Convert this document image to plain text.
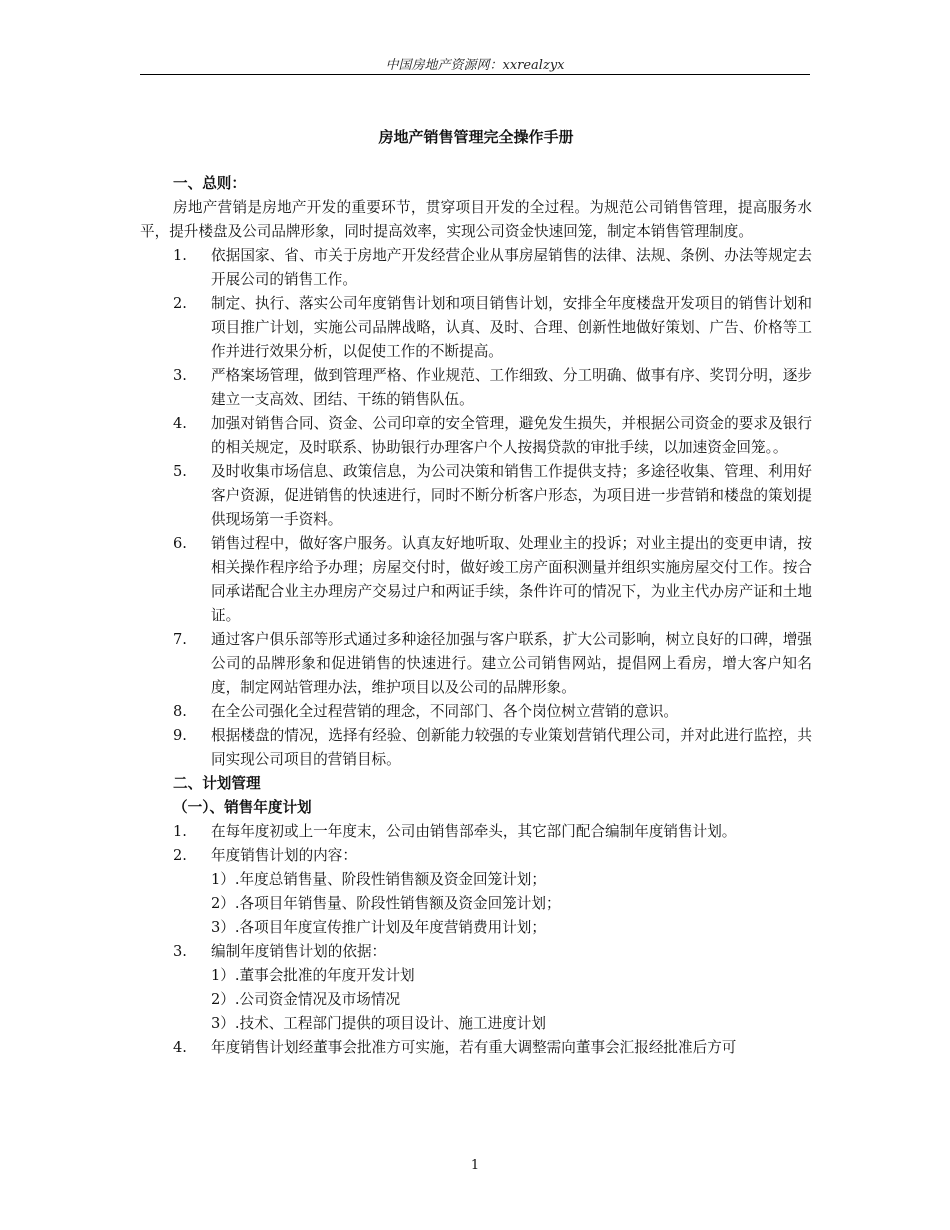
中国房地产资源网：xxrealzyx
房地产销售管理完全操作手册
一、总则：
房地产营销是房地产开发的重要环节，贯穿项目开发的全过程。为规范公司销售管理，提高服务水平，提升楼盘及公司品牌形象，同时提高效率，实现公司资金快速回笼，制定本销售管理制度。
1.	依据国家、省、市关于房地产开发经营企业从事房屋销售的法律、法规、条例、办法等规定去开展公司的销售工作。
2.	制定、执行、落实公司年度销售计划和项目销售计划，安排全年度楼盘开发项目的销售计划和项目推广计划，实施公司品牌战略，认真、及时、合理、创新性地做好策划、广告、价格等工作并进行效果分析，以促使工作的不断提高。
3.	严格案场管理，做到管理严格、作业规范、工作细致、分工明确、做事有序、奖罚分明，逐步建立一支高效、团结、干练的销售队伍。
4.	加强对销售合同、资金、公司印章的安全管理，避免发生损失，并根据公司资金的要求及银行的相关规定，及时联系、协助银行办理客户个人按揭贷款的审批手续，以加速资金回笼。。
5.	及时收集市场信息、政策信息，为公司决策和销售工作提供支持；多途径收集、管理、利用好客户资源，促进销售的快速进行，同时不断分析客户形态，为项目进一步营销和楼盘的策划提供现场第一手资料。
6.	销售过程中，做好客户服务。认真友好地听取、处理业主的投诉；对业主提出的变更申请，按相关操作程序给予办理；房屋交付时，做好竣工房产面积测量并组织实施房屋交付工作。按合同承诺配合业主办理房产交易过户和两证手续，条件许可的情况下，为业主代办房产证和土地证。
7.	通过客户俱乐部等形式通过多种途径加强与客户联系，扩大公司影响，树立良好的口碑，增强公司的品牌形象和促进销售的快速进行。建立公司销售网站，提倡网上看房，增大客户知名度，制定网站管理办法，维护项目以及公司的品牌形象。
8.	在全公司强化全过程营销的理念，不同部门、各个岗位树立营销的意识。
9.	根据楼盘的情况，选择有经验、创新能力较强的专业策划营销代理公司，并对此进行监控，共同实现公司项目的营销目标。
二、计划管理
（一）、销售年度计划
1.	在每年度初或上一年度末，公司由销售部牵头，其它部门配合编制年度销售计划。
2.	年度销售计划的内容：
1）.年度总销售量、阶段性销售额及资金回笼计划；
2）.各项目年销售量、阶段性销售额及资金回笼计划；
3）.各项目年度宣传推广计划及年度营销费用计划；
3.	编制年度销售计划的依据：
1）.董事会批准的年度开发计划
2）.公司资金情况及市场情况
3）.技术、工程部门提供的项目设计、施工进度计划
4.	年度销售计划经董事会批准方可实施，若有重大调整需向董事会汇报经批准后方可
1
